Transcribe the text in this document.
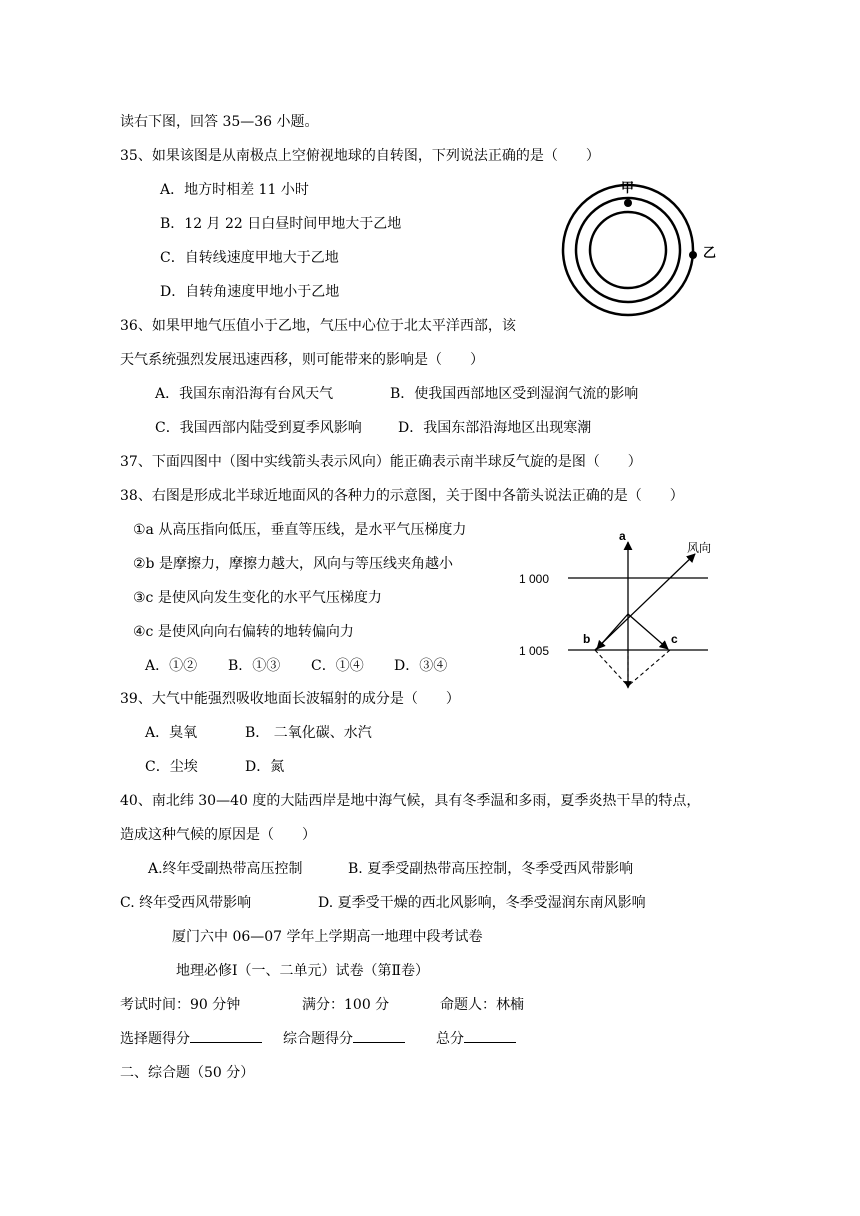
读右下图，回答 35—36 小题。
35、如果该图是从南极点上空俯视地球的自转图，下列说法正确的是（　　）
A．地方时相差 11 小时
B．12 月 22 日白昼时间甲地大于乙地
C．自转线速度甲地大于乙地
D．自转角速度甲地小于乙地
甲
乙
36、如果甲地气压值小于乙地，气压中心位于北太平洋西部，该
天气系统强烈发展迅速西移，则可能带来的影响是（　　）
A．我国东南沿海有台风天气	B．使我国西部地区受到湿润气流的影响
C．我国西部内陆受到夏季风影响	D．我国东部沿海地区出现寒潮
37、下面四图中（图中实线箭头表示风向）能正确表示南半球反气旋的是图（　　）
38、右图是形成北半球近地面风的各种力的示意图，关于图中各箭头说法正确的是（　　）
①a 从高压指向低压，垂直等压线，是水平气压梯度力
②b 是摩擦力，摩擦力越大，风向与等压线夹角越小
③c 是使风向发生变化的水平气压梯度力
④c 是使风向向右偏转的地转偏向力
A．①② B．①③ C．①④ D．③④
1 000
1 005
a
风向
b	c
39、大气中能强烈吸收地面长波辐射的成分是（　　）
A．臭氧	B． 二氧化碳、水汽
C．尘埃	D．氮
40、南北纬 30—40 度的大陆西岸是地中海气候，具有冬季温和多雨，夏季炎热干旱的特点，
造成这种气候的原因是（　　）
A.终年受副热带高压控制	B. 夏季受副热带高压控制，冬季受西风带影响
C. 终年受西风带影响	D. 夏季受干燥的西北风影响，冬季受湿润东南风影响
厦门六中 06—07 学年上学期高一地理中段考试卷
地理必修Ⅰ（一、二单元）试卷（第Ⅱ卷）
考试时间：90 分钟	满分：100 分	命题人：林楠
选择题得分	综合题得分	总分
二、综合题（50 分）
